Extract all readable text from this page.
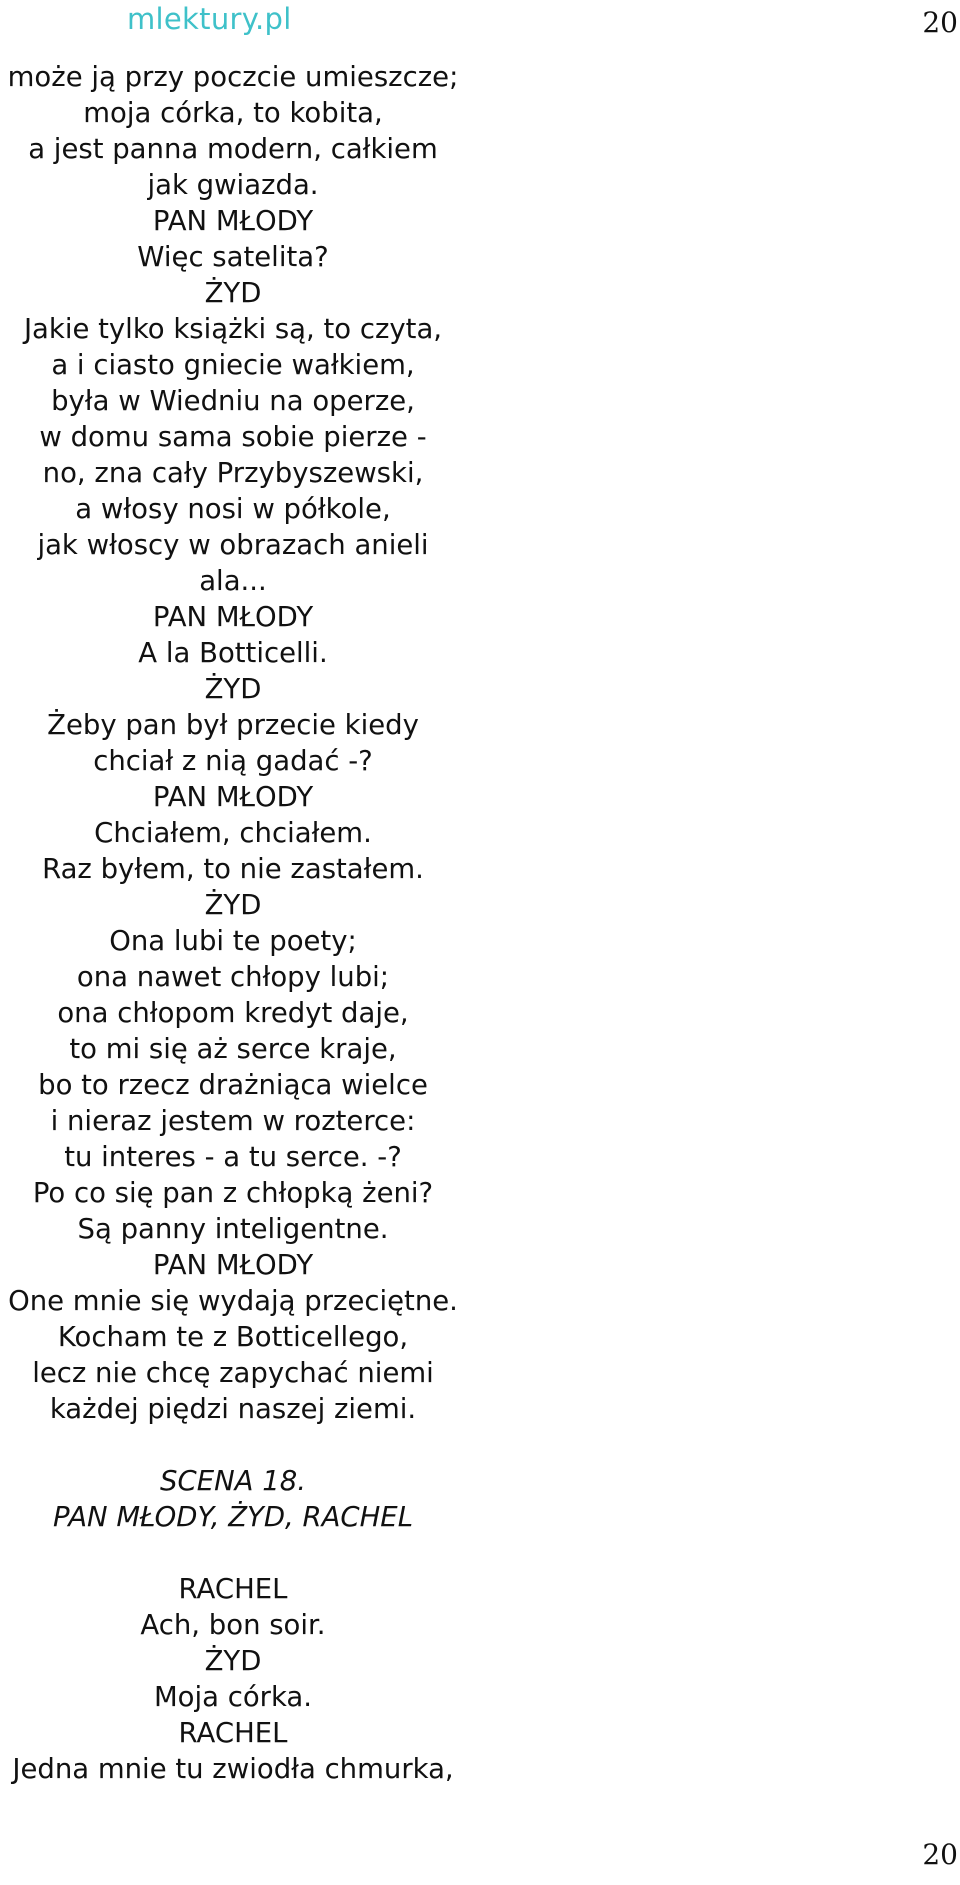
mlektury.pl	20
może ją przy poczcie umieszcze;
moja córka, to kobita,
a jest panna modern, całkiem
jak gwiazda.
PAN MŁODY
Więc satelita?
ŻYD
Jakie tylko książki są, to czyta,
a i ciasto gniecie wałkiem,
była w Wiedniu na operze,
w domu sama sobie pierze -
no, zna cały Przybyszewski,
a włosy nosi w półkole,
jak włoscy w obrazach anieli
ala...
PAN MŁODY
A la Botticelli.
ŻYD
Żeby pan był przecie kiedy
chciał z nią gadać -?
PAN MŁODY
Chciałem, chciałem.
Raz byłem, to nie zastałem.
ŻYD
Ona lubi te poety;
ona nawet chłopy lubi;
ona chłopom kredyt daje,
to mi się aż serce kraje,
bo to rzecz drażniąca wielce
i nieraz jestem w rozterce:
tu interes - a tu serce. -?
Po co się pan z chłopką żeni?
Są panny inteligentne.
PAN MŁODY
One mnie się wydają przeciętne.
Kocham te z Botticellego,
lecz nie chcę zapychać niemi
każdej piędzi naszej ziemi.
SCENA 18.
PAN MŁODY, ŻYD, RACHEL
RACHEL
Ach, bon soir.
ŻYD
Moja córka.
RACHEL
Jedna mnie tu zwiodła chmurka,
20
